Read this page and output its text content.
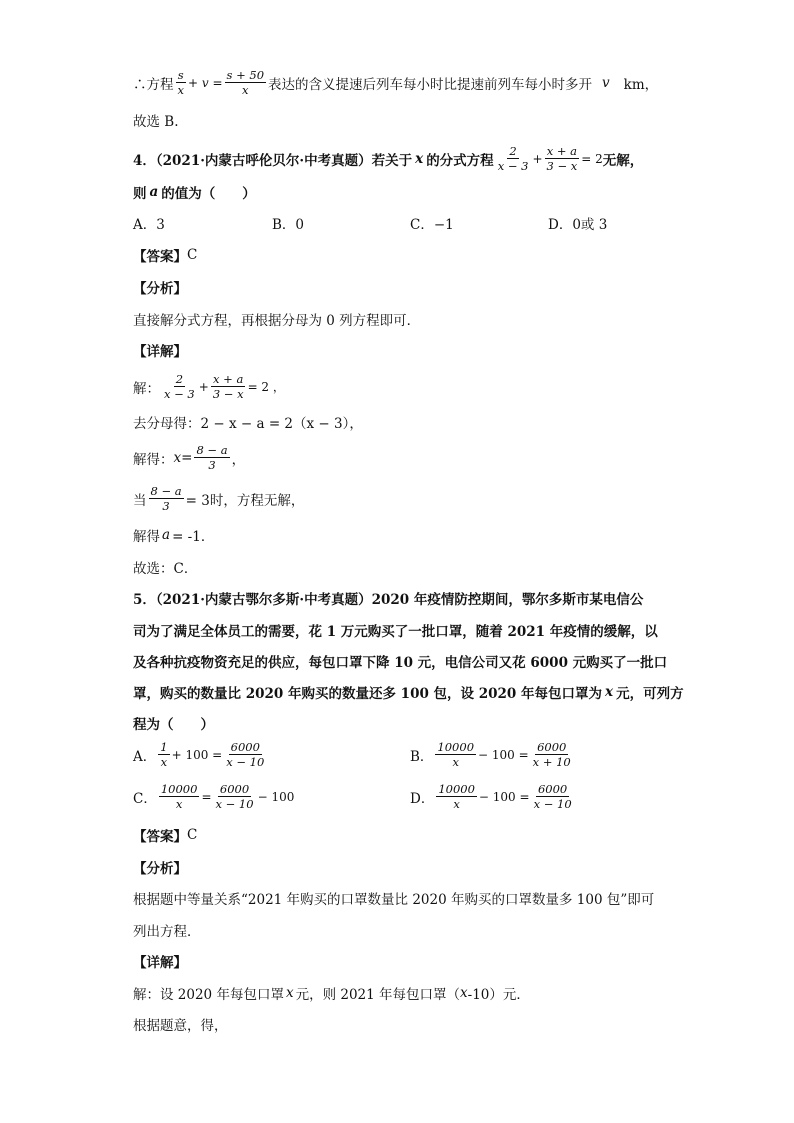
∴方程 $\frac{s}{x} + v = \frac{s + 50}{x}$ 表达的含义提速后列车每小时比提速前列车每小时多开 v km，
故选 B.
4．（2021·内蒙古呼伦贝尔·中考真题）若关于 x 的分式方程 $\frac{2}{x - 3} + \frac{x + a}{3 - x} = 2$ 无解，
则 a 的值为（　　）
A．3	B．0	C．−1	D．0或 3
【答案】 C
【分析】
直接解分式方程，再根据分母为 0 列方程即可．
【详解】
解： $\frac{2}{x - 3} + \frac{x + a}{3 - x} = 2$ ，
去分母得：2 − x − a = 2（x − 3），
解得： $x = \frac{8 - a}{3}$ ，
当 $\frac{8 - a}{3} = 3$时，方程无解，
解得 a = -1．
故选：C．
5．（2021·内蒙古鄂尔多斯·中考真题）2020 年疫情防控期间，鄂尔多斯市某电信公
司为了满足全体员工的需要，花 1 万元购买了一批口罩，随着 2021 年疫情的缓解，以
及各种抗疫物资充足的供应，每包口罩下降 10 元，电信公司又花 6000 元购买了一批口
罩，购买的数量比 2020 年购买的数量还多 100 包，设 2020 年每包口罩为 x 元，可列方
程为（　　）
A． $\frac{1}{x} + 100 = \frac{6000}{x - 10}$	B． $\frac{10000}{x} - 100 = \frac{6000}{x + 10}$
C． $\frac{10000}{x} = \frac{6000}{x - 10} - 100$	D． $\frac{10000}{x} - 100 = \frac{6000}{x - 10}$
【答案】 C
【分析】
根据题中等量关系“2021 年购买的口罩数量比 2020 年购买的口罩数量多 100 包”即可
列出方程．
【详解】
解：设 2020 年每包口罩 x 元，则 2021 年每包口罩（ x -10）元．
根据题意，得，
